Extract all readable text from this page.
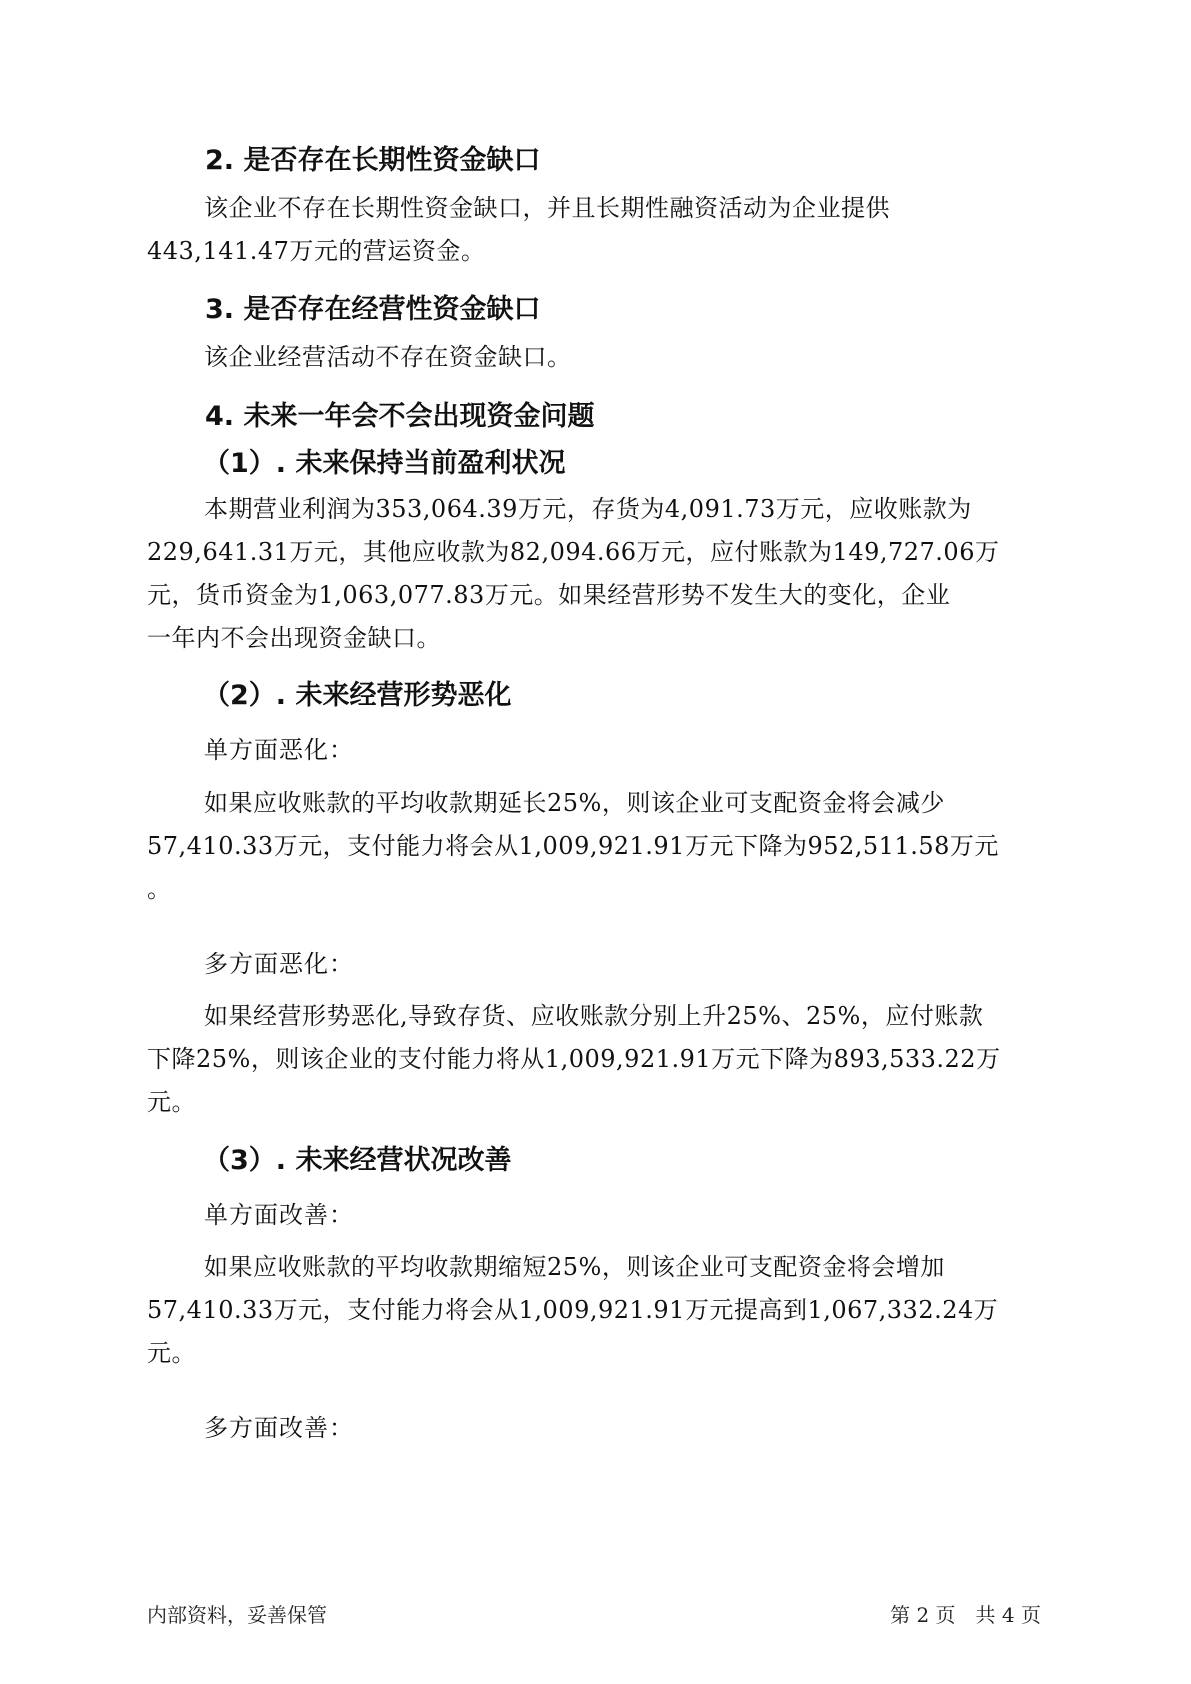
2. 是否存在长期性资金缺口
该企业不存在长期性资金缺口，并且长期性融资活动为企业提供
443,141.47万元的营运资金。
3. 是否存在经营性资金缺口
该企业经营活动不存在资金缺口。
4. 未来一年会不会出现资金问题
（1）. 未来保持当前盈利状况
本期营业利润为353,064.39万元，存货为4,091.73万元，应收账款为
229,641.31万元，其他应收款为82,094.66万元，应付账款为149,727.06万
元，货币资金为1,063,077.83万元。如果经营形势不发生大的变化，企业
一年内不会出现资金缺口。
（2）. 未来经营形势恶化
单方面恶化：
如果应收账款的平均收款期延长25%，则该企业可支配资金将会减少
57,410.33万元，支付能力将会从1,009,921.91万元下降为952,511.58万元
。
多方面恶化：
如果经营形势恶化,导致存货、应收账款分别上升25%、25%，应付账款
下降25%，则该企业的支付能力将从1,009,921.91万元下降为893,533.22万
元。
（3）. 未来经营状况改善
单方面改善：
如果应收账款的平均收款期缩短25%，则该企业可支配资金将会增加
57,410.33万元，支付能力将会从1,009,921.91万元提高到1,067,332.24万
元。
多方面改善：
内部资料，妥善保管	第 2 页　共 4 页
